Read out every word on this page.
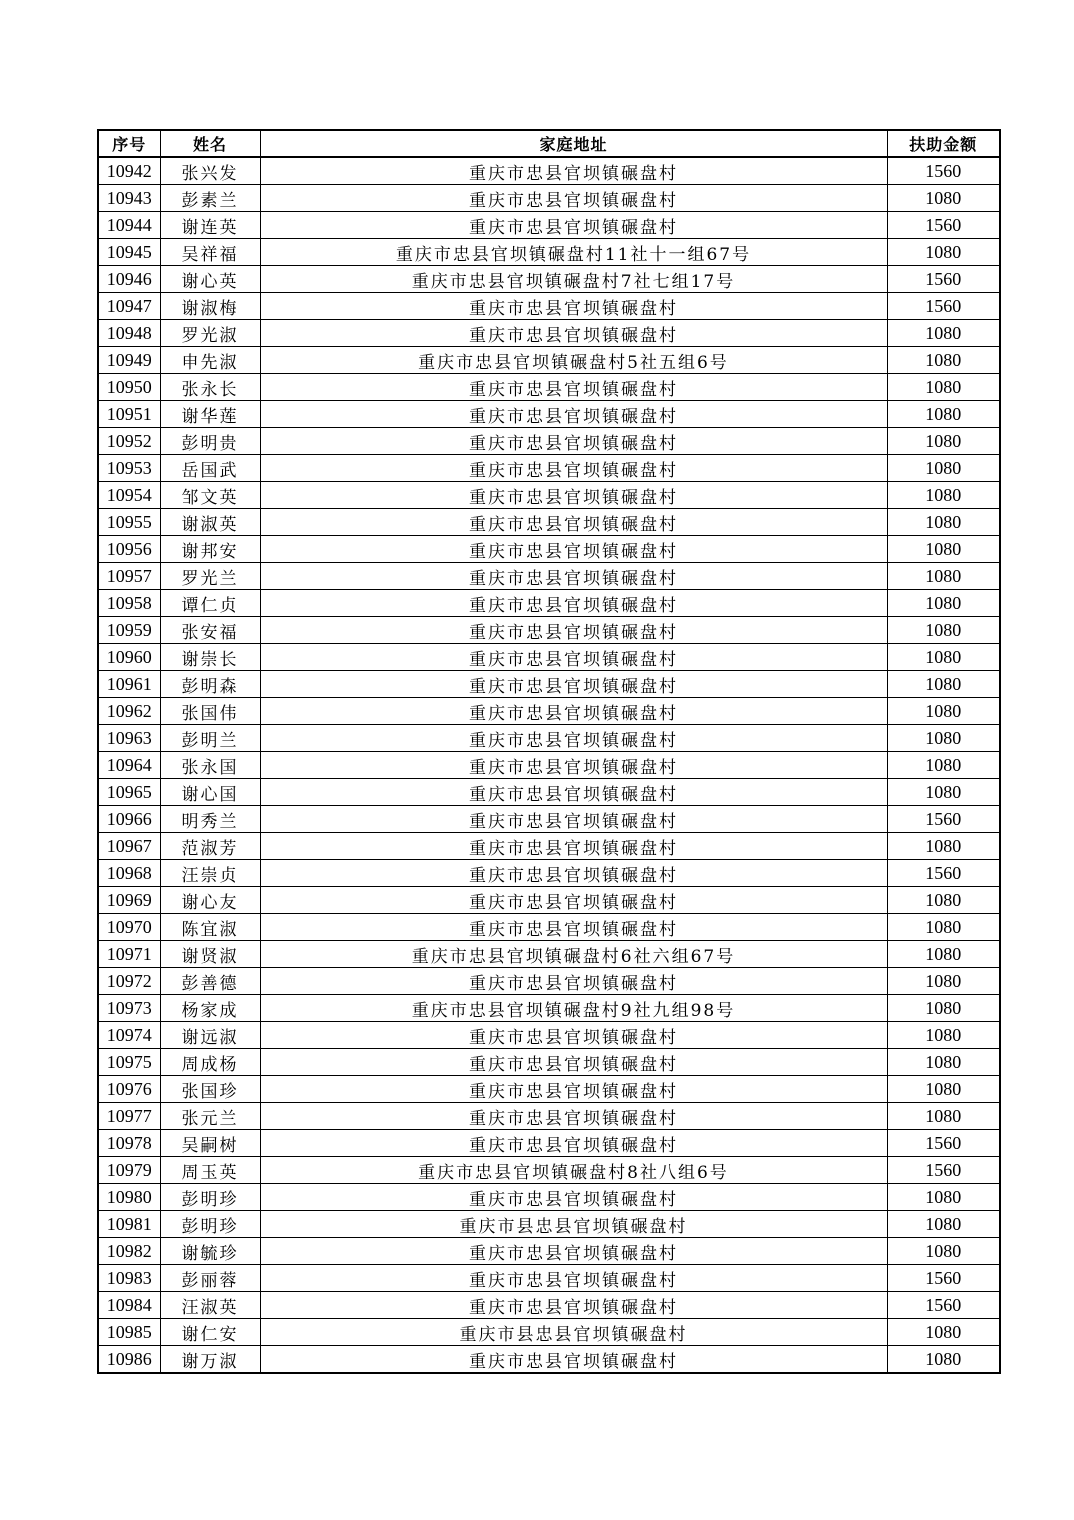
序号	姓名	家庭地址	扶助金额
10942	张兴发	重庆市忠县官坝镇碾盘村	1560
10943	彭素兰	重庆市忠县官坝镇碾盘村	1080
10944	谢连英	重庆市忠县官坝镇碾盘村	1560
10945	吴祥福	重庆市忠县官坝镇碾盘村11社十一组67号	1080
10946	谢心英	重庆市忠县官坝镇碾盘村7社七组17号	1560
10947	谢淑梅	重庆市忠县官坝镇碾盘村	1560
10948	罗光淑	重庆市忠县官坝镇碾盘村	1080
10949	申先淑	重庆市忠县官坝镇碾盘村5社五组6号	1080
10950	张永长	重庆市忠县官坝镇碾盘村	1080
10951	谢华莲	重庆市忠县官坝镇碾盘村	1080
10952	彭明贵	重庆市忠县官坝镇碾盘村	1080
10953	岳国武	重庆市忠县官坝镇碾盘村	1080
10954	邹文英	重庆市忠县官坝镇碾盘村	1080
10955	谢淑英	重庆市忠县官坝镇碾盘村	1080
10956	谢邦安	重庆市忠县官坝镇碾盘村	1080
10957	罗光兰	重庆市忠县官坝镇碾盘村	1080
10958	谭仁贞	重庆市忠县官坝镇碾盘村	1080
10959	张安福	重庆市忠县官坝镇碾盘村	1080
10960	谢崇长	重庆市忠县官坝镇碾盘村	1080
10961	彭明森	重庆市忠县官坝镇碾盘村	1080
10962	张国伟	重庆市忠县官坝镇碾盘村	1080
10963	彭明兰	重庆市忠县官坝镇碾盘村	1080
10964	张永国	重庆市忠县官坝镇碾盘村	1080
10965	谢心国	重庆市忠县官坝镇碾盘村	1080
10966	明秀兰	重庆市忠县官坝镇碾盘村	1560
10967	范淑芳	重庆市忠县官坝镇碾盘村	1080
10968	汪崇贞	重庆市忠县官坝镇碾盘村	1560
10969	谢心友	重庆市忠县官坝镇碾盘村	1080
10970	陈宜淑	重庆市忠县官坝镇碾盘村	1080
10971	谢贤淑	重庆市忠县官坝镇碾盘村6社六组67号	1080
10972	彭善德	重庆市忠县官坝镇碾盘村	1080
10973	杨家成	重庆市忠县官坝镇碾盘村9社九组98号	1080
10974	谢远淑	重庆市忠县官坝镇碾盘村	1080
10975	周成杨	重庆市忠县官坝镇碾盘村	1080
10976	张国珍	重庆市忠县官坝镇碾盘村	1080
10977	张元兰	重庆市忠县官坝镇碾盘村	1080
10978	吴嗣树	重庆市忠县官坝镇碾盘村	1560
10979	周玉英	重庆市忠县官坝镇碾盘村8社八组6号	1560
10980	彭明珍	重庆市忠县官坝镇碾盘村	1080
10981	彭明珍	重庆市县忠县官坝镇碾盘村	1080
10982	谢毓珍	重庆市忠县官坝镇碾盘村	1080
10983	彭丽蓉	重庆市忠县官坝镇碾盘村	1560
10984	汪淑英	重庆市忠县官坝镇碾盘村	1560
10985	谢仁安	重庆市县忠县官坝镇碾盘村	1080
10986	谢万淑	重庆市忠县官坝镇碾盘村	1080
